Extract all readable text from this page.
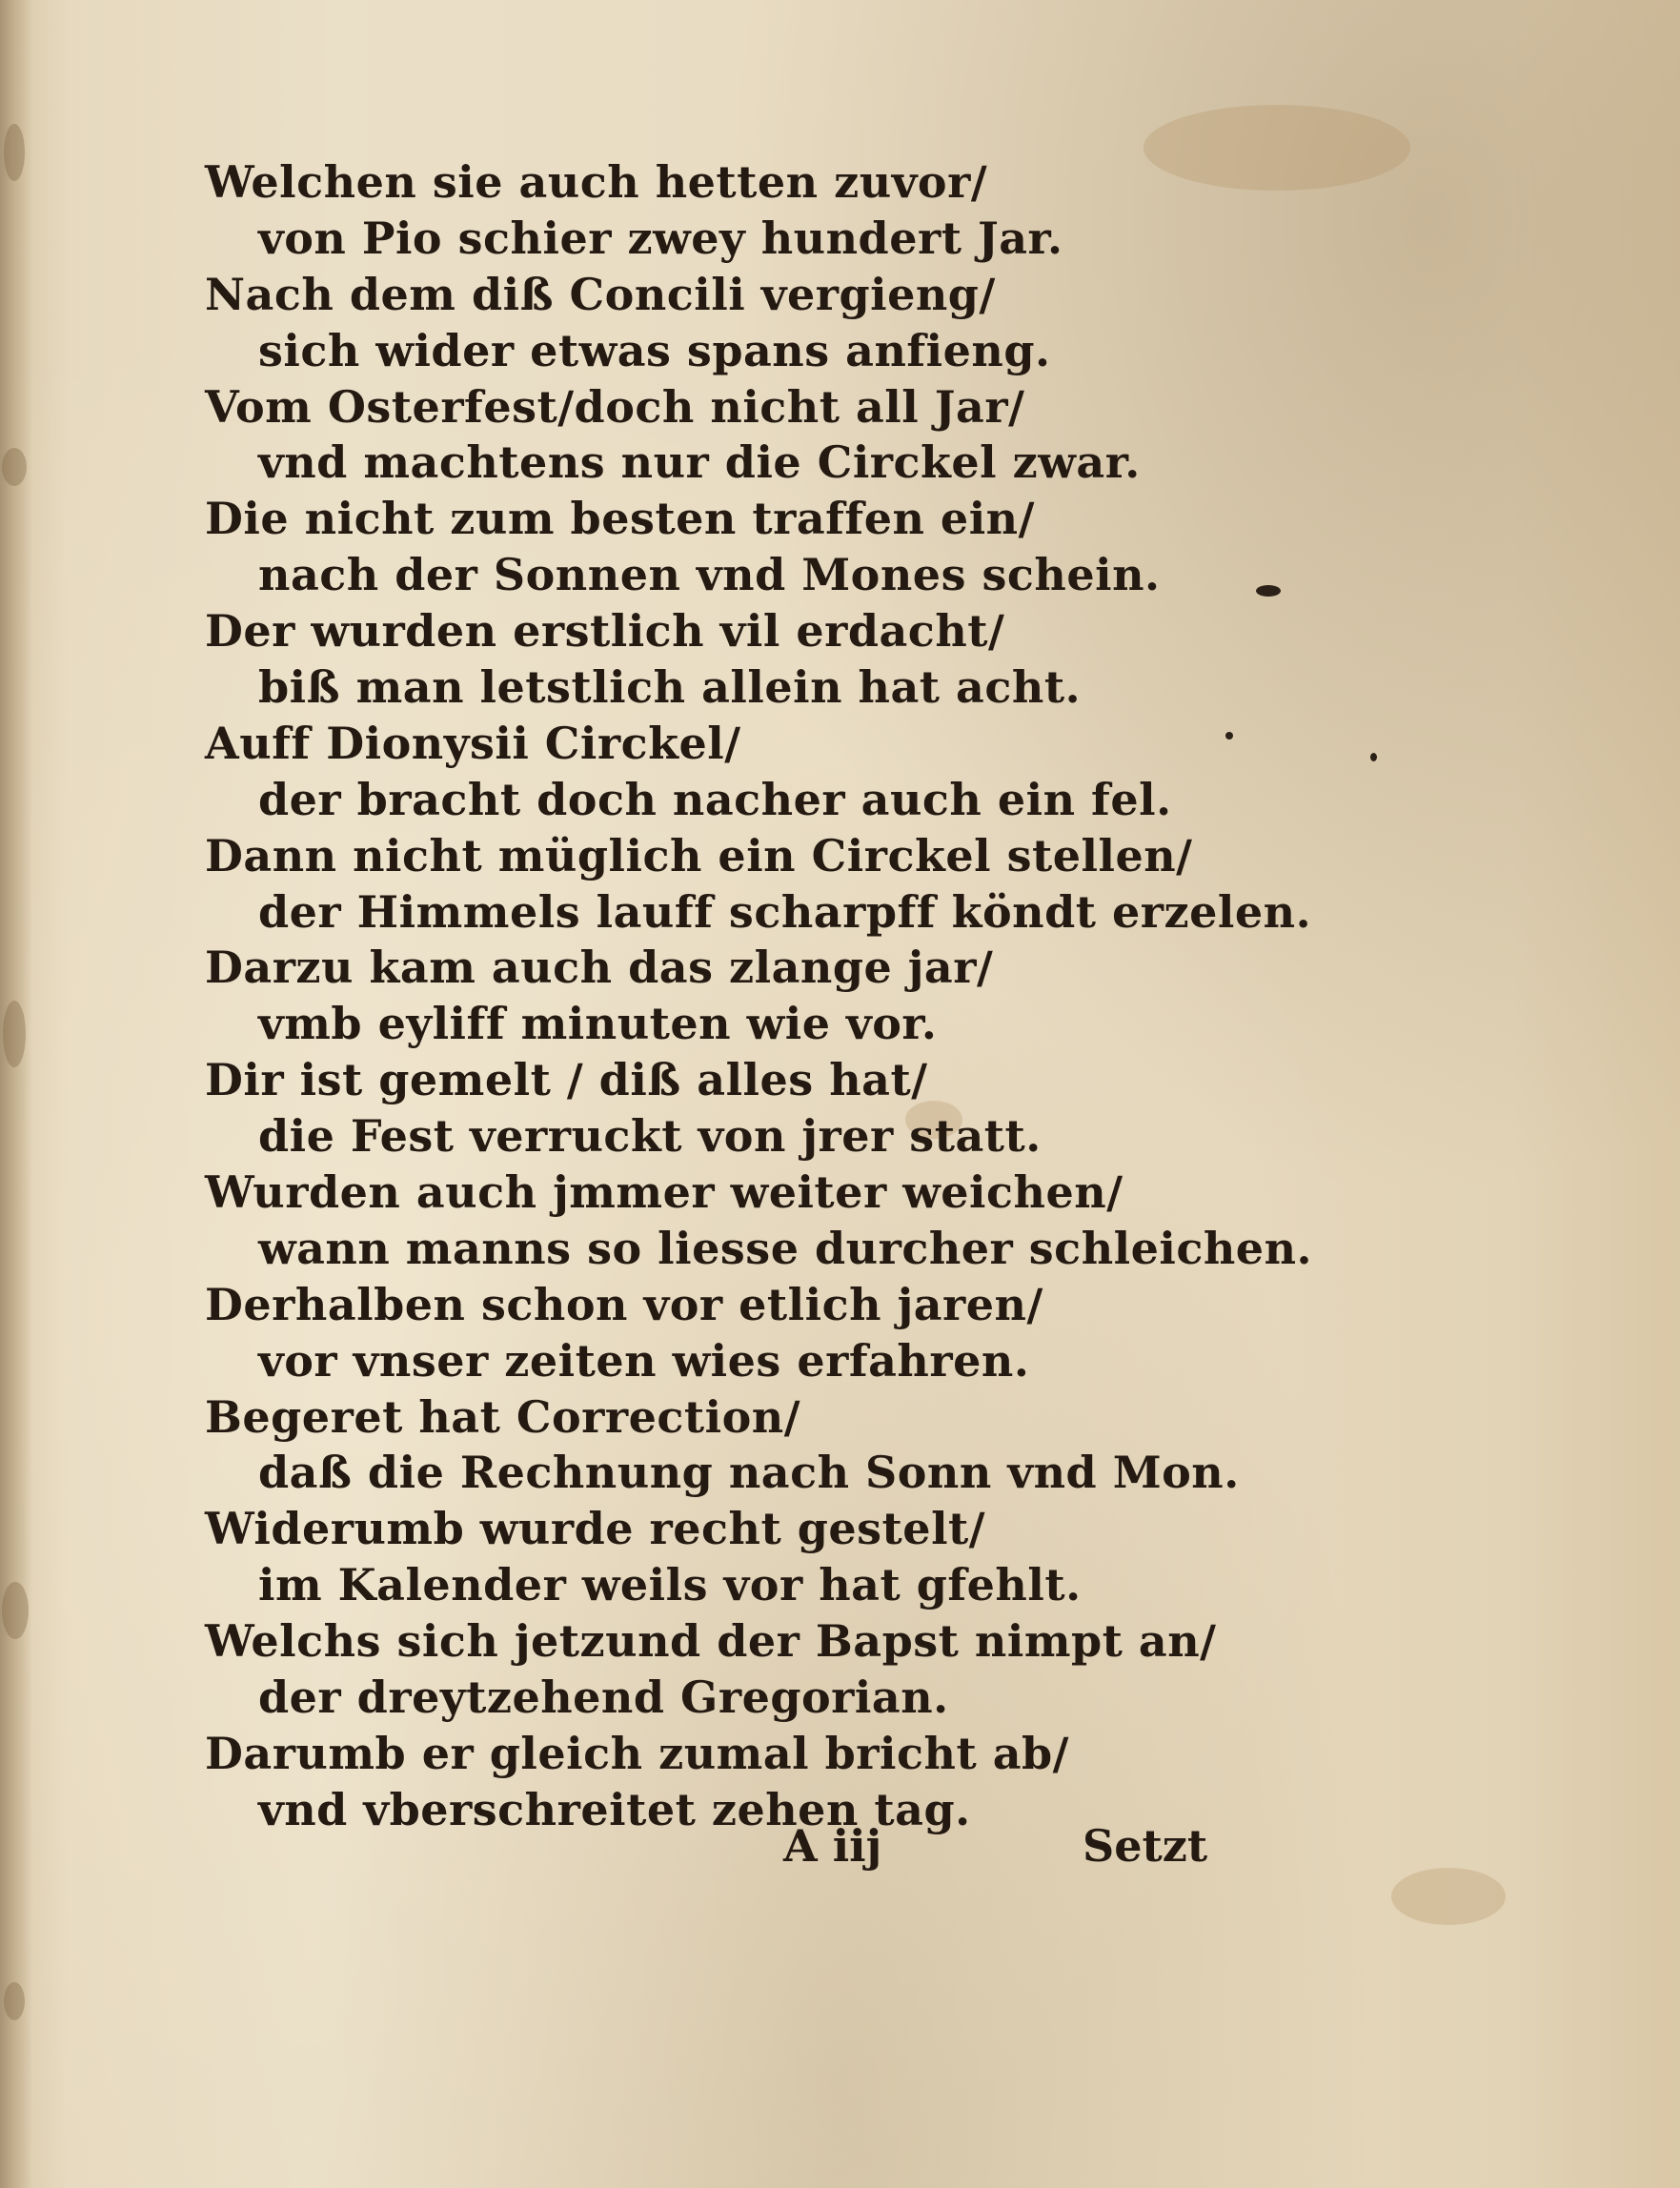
Welchen sie auch hetten zuvor/
von Pio schier zwey hundert Jar.
Nach dem diß Concili vergieng/
sich wider etwas spans anfieng.
Vom Osterfest/doch nicht all Jar/
vnd machtens nur die Circkel zwar.
Die nicht zum besten traffen ein/
nach der Sonnen vnd Mones schein.
Der wurden erstlich vil erdacht/
biß man letstlich allein hat acht.
Auff Dionysii Circkel/
der bracht doch nacher auch ein fel.
Dann nicht müglich ein Circkel stellen/
der Himmels lauff scharpff köndt erzelen.
Darzu kam auch das zlange jar/
vmb eyliff minuten wie vor.
Dir ist gemelt / diß alles hat/
die Fest verruckt von jrer statt.
Wurden auch jmmer weiter weichen/
wann manns so liesse durcher schleichen.
Derhalben schon vor etlich jaren/
vor vnser zeiten wies erfahren.
Begeret hat Correction/
daß die Rechnung nach Sonn vnd Mon.
Widerumb wurde recht gestelt/
im Kalender weils vor hat gfehlt.
Welchs sich jetzund der Bapst nimpt an/
der dreytzehend Gregorian.
Darumb er gleich zumal bricht ab/
vnd vberschreitet zehen tag.
A iij	Setzt
